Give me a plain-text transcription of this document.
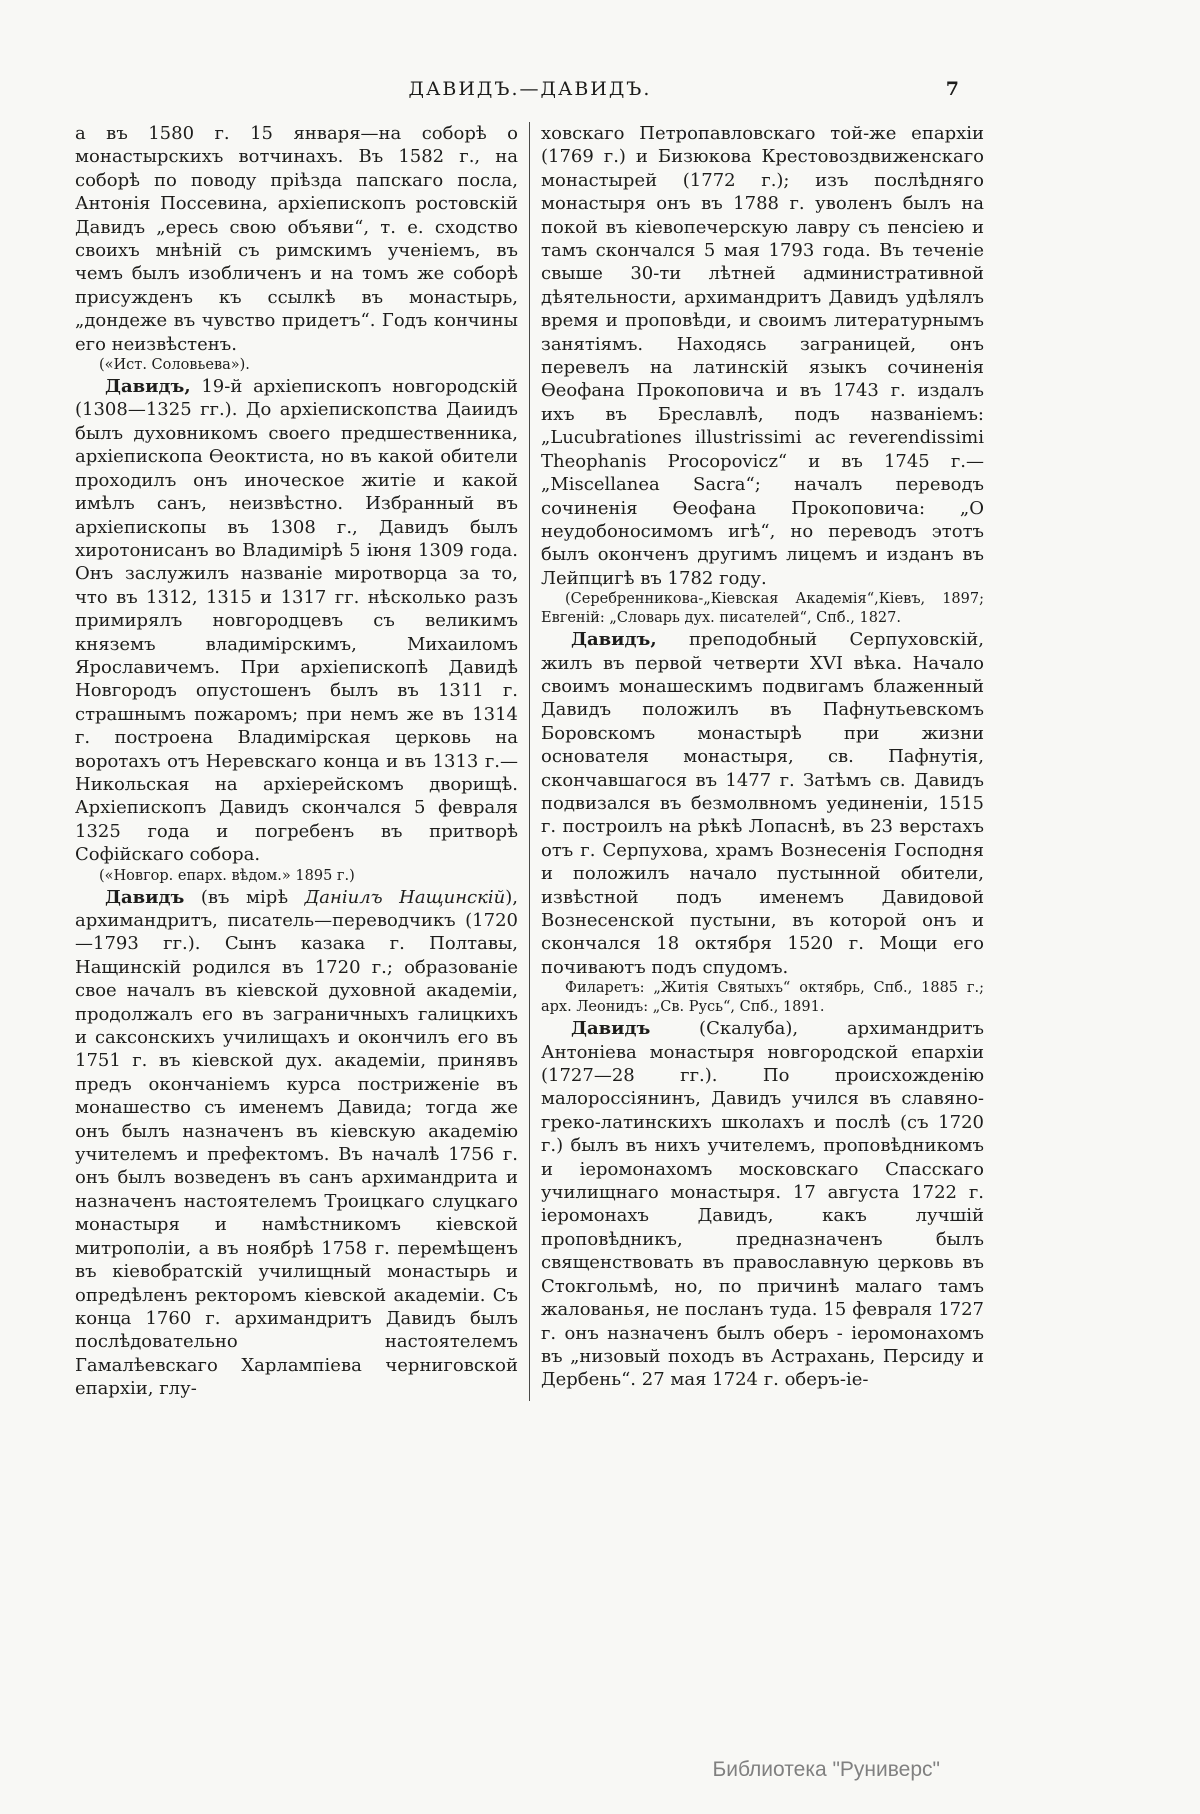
ДАВИДЪ.—ДАВИДЪ.	7

а въ 1580 г. 15 января—на соборѣ о монастырскихъ вотчинахъ. Въ 1582 г., на соборѣ по поводу пріѣзда папскаго посла, Антонія Поссевина, архіепископъ ростовскій Давидъ „ересь свою объяви“, т. е. сходство своихъ мнѣній съ римскимъ ученіемъ, въ чемъ былъ изобличенъ и на томъ же соборѣ присужденъ къ ссылкѣ въ монастырь, „дондеже въ чувство придетъ“. Годъ кончины его неизвѣстенъ.

(«Ист. Соловьева»).

Давидъ, 19-й архіепископъ новгородскій (1308—1325 гг.). До архіепископства Даиидъ былъ духовникомъ своего предшественника, архіепископа Ѳеоктиста, но въ какой обители проходилъ онъ иноческое житіе и какой имѣлъ санъ, неизвѣстно. Избранный въ архіепископы въ 1308 г., Давидъ былъ хиротонисанъ во Владимірѣ 5 іюня 1309 года. Онъ заслужилъ названіе миротворца за то, что въ 1312, 1315 и 1317 гг. нѣсколько разъ примирялъ новгородцевъ съ великимъ княземъ владимірскимъ, Михаиломъ Ярославичемъ. При архіепископѣ Давидѣ Новгородъ опустошенъ былъ въ 1311 г. страшнымъ пожаромъ; при немъ же въ 1314 г. построена Владимірская церковь на воротахъ отъ Неревскаго конца и въ 1313 г.—Никольская на архіерейскомъ дворищѣ. Архіепископъ Давидъ скончался 5 февраля 1325 года и погребенъ въ притворѣ Софійскаго собора.

(«Новгор. епарх. вѣдом.» 1895 г.)

Давидъ (въ мірѣ Даніилъ Нащинскій), архимандритъ, писатель—переводчикъ (1720—1793 гг.). Сынъ казака г. Полтавы, Нащинскій родился въ 1720 г.; образованіе свое началъ въ кіевской духовной академіи, продолжалъ его въ заграничныхъ галицкихъ и саксонскихъ училищахъ и окончилъ его въ 1751 г. въ кіевской дух. академіи, принявъ предъ окончаніемъ курса постриженіе въ монашество съ именемъ Давида; тогда же онъ былъ назначенъ въ кіевскую академію учителемъ и префектомъ. Въ началѣ 1756 г. онъ былъ возведенъ въ санъ архимандрита и назначенъ настоятелемъ Троицкаго слуцкаго монастыря и намѣстникомъ кіевской митрополіи, а въ ноябрѣ 1758 г. перемѣщенъ въ кіевобратскій училищный монастырь и опредѣленъ ректоромъ кіевской академіи. Съ конца 1760 г. архимандритъ Давидъ былъ послѣдовательно настоятелемъ Гамалѣевскаго Харлампіева черниговской епархіи, глу-

ховскаго Петропавловскаго той-же епархіи (1769 г.) и Бизюкова Крестовоздвиженскаго монастырей (1772 г.); изъ послѣдняго монастыря онъ въ 1788 г. уволенъ былъ на покой въ кіевопечерскую лавру съ пенсіею и тамъ скончался 5 мая 1793 года. Въ теченіе свыше 30-ти лѣтней административной дѣятельности, архимандритъ Давидъ удѣлялъ время и проповѣди, и своимъ литературнымъ занятіямъ. Находясь заграницей, онъ перевелъ на латинскій языкъ сочиненія Ѳеофана Прокоповича и въ 1743 г. издалъ ихъ въ Бреславлѣ, подъ названіемъ: „Lucubrationes illustrissimi ac reverendissimi Theophanis Procopovicz“ и въ 1745 г.—„Miscellanea Sacra“; началъ переводъ сочиненія Ѳеофана Прокоповича: „О неудобоносимомъ игѣ“, но переводъ этотъ былъ оконченъ другимъ лицемъ и изданъ въ Лейпцигѣ въ 1782 году.

(Серебренникова-„Кіевская Академія“,Кіевъ, 1897; Евгеній: „Словарь дух. писателей“, Спб., 1827.

Давидъ, преподобный Серпуховскій, жилъ въ первой четверти XVI вѣка. Начало своимъ монашескимъ подвигамъ блаженный Давидъ положилъ въ Пафнутьевскомъ Боровскомъ монастырѣ при жизни основателя монастыря, св. Пафнутія, скончавшагося въ 1477 г. Затѣмъ св. Давидъ подвизался въ безмолвномъ уединеніи, 1515 г. построилъ на рѣкѣ Лопаснѣ, въ 23 верстахъ отъ г. Серпухова, храмъ Вознесенія Господня и положилъ начало пустынной обители, извѣстной подъ именемъ Давидовой Вознесенской пустыни, въ которой онъ и скончался 18 октября 1520 г. Мощи его почиваютъ подъ спудомъ.

Филаретъ: „Житія Святыхъ“ октябрь, Спб., 1885 г.; арх. Леонидъ: „Св. Русь“, Спб., 1891.

Давидъ (Скалуба), архимандритъ Антоніева монастыря новгородской епархіи (1727—28 гг.). По происхожденію малороссіянинъ, Давидъ учился въ славяно-греко-латинскихъ школахъ и послѣ (съ 1720 г.) былъ въ нихъ учителемъ, проповѣдникомъ и іеромонахомъ московскаго Спасскаго училищнаго монастыря. 17 августа 1722 г. іеромонахъ Давидъ, какъ лучшій проповѣдникъ, предназначенъ былъ священствовать въ православную церковь въ Стокгольмѣ, но, по причинѣ малаго тамъ жалованья, не посланъ туда. 15 февраля 1727 г. онъ назначенъ былъ оберъ - іеромонахомъ въ „низовый походъ въ Астрахань, Персиду и Дербень“. 27 мая 1724 г. оберъ-іе-

Библиотека "Руниверс"
